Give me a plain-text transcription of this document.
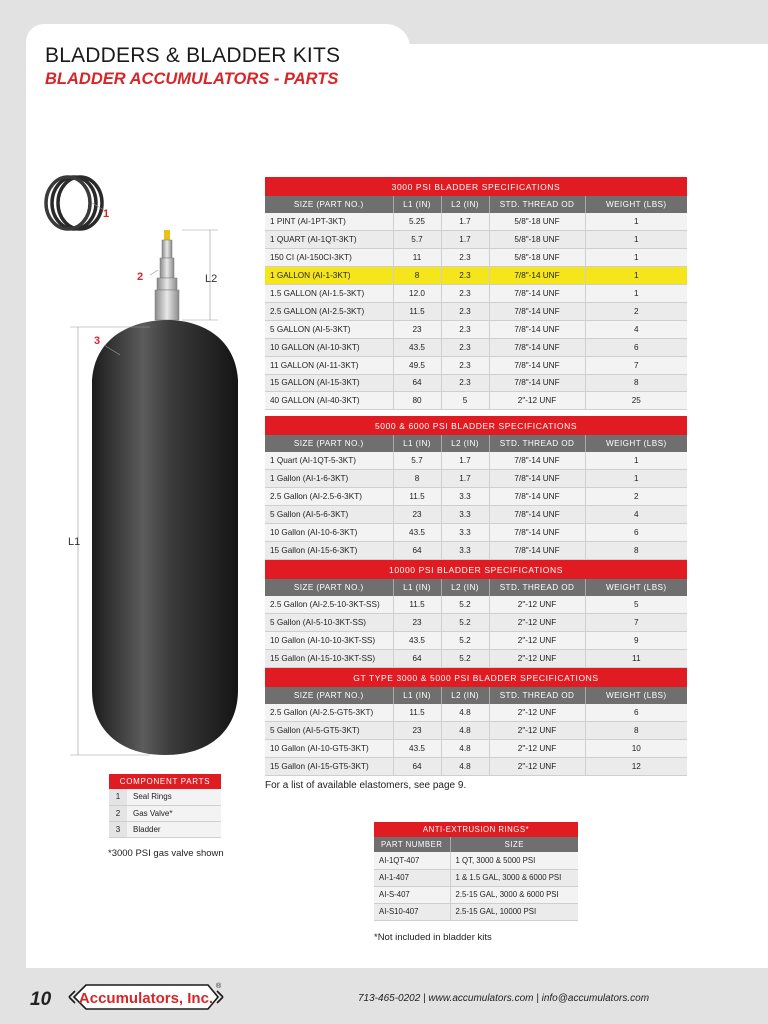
BLADDERS & BLADDER KITS
BLADDER ACCUMULATORS - PARTS
1
2
3
L2
L1
3000 PSI BLADDER SPECIFICATIONS				
SIZE (PART NO.)	L1 (IN)	L2 (IN)	STD. THREAD OD	WEIGHT (LBS)
1 PINT (AI-1PT-3KT)	5.25	1.7	5/8"-18 UNF	1
1 QUART (AI-1QT-3KT)	5.7	1.7	5/8"-18 UNF	1
150 CI (AI-150CI-3KT)	11	2.3	5/8"-18 UNF	1
1 GALLON (AI-1-3KT)	8	2.3	7/8"-14 UNF	1
1.5 GALLON (AI-1.5-3KT)	12.0	2.3	7/8"-14 UNF	1
2.5 GALLON (AI-2.5-3KT)	11.5	2.3	7/8"-14 UNF	2
5 GALLON (AI-5-3KT)	23	2.3	7/8"-14 UNF	4
10 GALLON (AI-10-3KT)	43.5	2.3	7/8"-14 UNF	6
11 GALLON (AI-11-3KT)	49.5	2.3	7/8"-14 UNF	7
15 GALLON (AI-15-3KT)	64	2.3	7/8"-14 UNF	8
40 GALLON (AI-40-3KT)	80	5	2"-12 UNF	25
5000 & 6000 PSI BLADDER SPECIFICATIONS				
SIZE (PART NO.)	L1 (IN)	L2 (IN)	STD. THREAD OD	WEIGHT (LBS)
1 Quart (AI-1QT-5-3KT)	5.7	1.7	7/8"-14 UNF	1
1 Gallon (AI-1-6-3KT)	8	1.7	7/8"-14 UNF	1
2.5 Gallon (AI-2.5-6-3KT)	11.5	3.3	7/8"-14 UNF	2
5 Gallon (AI-5-6-3KT)	23	3.3	7/8"-14 UNF	4
10 Gallon (AI-10-6-3KT)	43.5	3.3	7/8"-14 UNF	6
15 Gallon (AI-15-6-3KT)	64	3.3	7/8"-14 UNF	8
10000 PSI BLADDER SPECIFICATIONS				
SIZE (PART NO.)	L1 (IN)	L2 (IN)	STD. THREAD OD	WEIGHT (LBS)
2.5 Gallon (AI-2.5-10-3KT-SS)	11.5	5.2	2"-12 UNF	5
5 Gallon (AI-5-10-3KT-SS)	23	5.2	2"-12 UNF	7
10 Gallon (AI-10-10-3KT-SS)	43.5	5.2	2"-12 UNF	9
15 Gallon (AI-15-10-3KT-SS)	64	5.2	2"-12 UNF	11
GT TYPE 3000 & 5000 PSI BLADDER SPECIFICATIONS				
SIZE (PART NO.)	L1 (IN)	L2 (IN)	STD. THREAD OD	WEIGHT (LBS)
2.5 Gallon (AI-2.5-GT5-3KT)	11.5	4.8	2"-12 UNF	6
5 Gallon (AI-5-GT5-3KT)	23	4.8	2"-12 UNF	8
10 Gallon (AI-10-GT5-3KT)	43.5	4.8	2"-12 UNF	10
15 Gallon (AI-15-GT5-3KT)	64	4.8	2"-12 UNF	12
For a list of available elastomers, see page 9.
COMPONENT PARTS	
1	Seal Rings
2	Gas Valve*
3	Bladder
*3000 PSI gas valve shown
ANTI-EXTRUSION RINGS*	
PART NUMBER	SIZE
AI-1QT-407	1 QT, 3000 & 5000 PSI
AI-1-407	1 & 1.5 GAL, 3000 & 6000 PSI
AI-S-407	2.5-15 GAL, 3000 & 6000 PSI
AI-S10-407	2.5-15 GAL, 10000 PSI
*Not included in bladder kits
10 Accumulators, Inc.
®
713-465-0202 | www.accumulators.com | info@accumulators.com
